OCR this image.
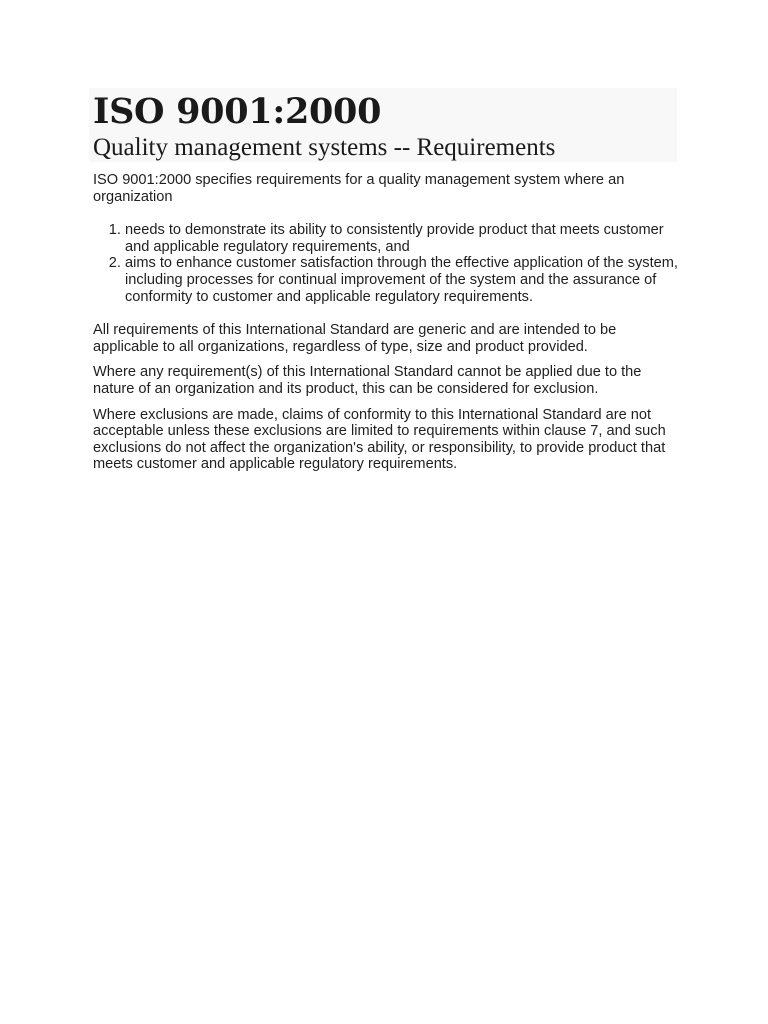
ISO 9001:2000
Quality management systems -- Requirements

ISO 9001:2000 specifies requirements for a quality management system where an organization

1. needs to demonstrate its ability to consistently provide product that meets customer and applicable regulatory requirements, and
2. aims to enhance customer satisfaction through the effective application of the system, including processes for continual improvement of the system and the assurance of conformity to customer and applicable regulatory requirements.

All requirements of this International Standard are generic and are intended to be applicable to all organizations, regardless of type, size and product provided.

Where any requirement(s) of this International Standard cannot be applied due to the nature of an organization and its product, this can be considered for exclusion.

Where exclusions are made, claims of conformity to this International Standard are not acceptable unless these exclusions are limited to requirements within clause 7, and such exclusions do not affect the organization's ability, or responsibility, to provide product that meets customer and applicable regulatory requirements.
